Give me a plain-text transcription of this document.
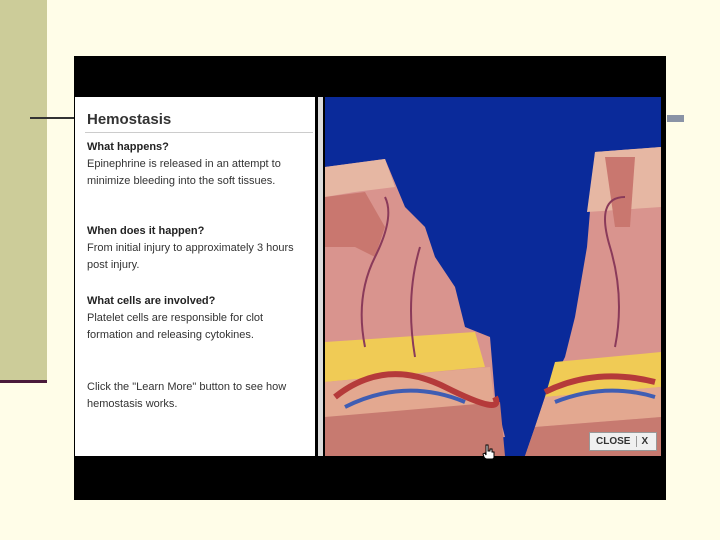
Hemostasis
What happens?
Epinephrine is released in an attempt to minimize bleeding into the soft tissues.
When does it happen?
From initial injury to approximately 3 hours post injury.
What cells are involved?
Platelet cells are responsible for clot formation and releasing cytokines.
Click the "Learn More" button to see how hemostasis works.
CLOSE	X
